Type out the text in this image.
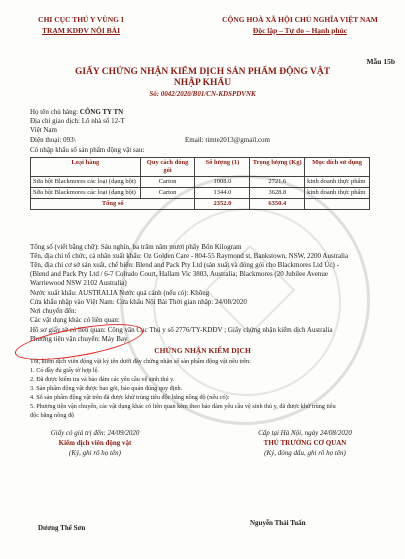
CHI CỤC THÚ Y VÙNG I
TRẠM KDĐV NỘI BÀI
CỘNG HOÀ XÃ HỘI CHỦ NGHĨA VIỆT NAM
Độc lập – Tự do – Hạnh phúc
Mẫu 15b
GIẤY CHỨNG NHẬN KIỂM DỊCH SẢN PHẨM ĐỘNG VẬT
NHẬP KHẨU
Số: 0042/2020/B01/CN-KDSPDVNK
Họ tên chủ hàng: CÔNG TY TN
Địa chỉ giao dịch: Lô nhà số 12-T
Việt Nam
Điện thoại: 093\	Email: timte2013@gmail.com
Có nhập khẩu số sản phẩm động vật sau:
Loại hàng	Quy cách đóng gói	Số lượng (1)	Trọng lượng (Kg)	Mục đích sử dụng
Sữa bột Blackmores các loại (dạng bột)	Carton	1008.0	2721.6	kinh doanh thực phẩm
Sữa bột Blackmores các loại (dạng bột)	Carton	1344.0	3628.8	kinh doanh thực phẩm
Tổng số		2352.0	6350.4	
Tổng số (viết bằng chữ): Sáu nghìn, ba trăm năm mươi phẩy Bốn Kilogram
Tên, địa chỉ tổ chức, cá nhân xuất khẩu: Oz Golden Care - 804-55 Raymond st, Bankstown, NSW, 2200 Australia
Tên, địa chỉ cơ sở sản xuất, chế biến: Blend and Pack Pty Ltd (sản xuất và đóng gói cho Blackmores Ltd Úc) -
(Blend and Pack Pty Ltd / 6-7 Colrado Court, Hallam Vic 3803, Australia; Blackmores (20 Jubilee Avenue
Warriewood NSW 2102 Australia)
Nước xuất khẩu: AUSTRALIA Nước quá cảnh (nếu có): Không
Cửa khẩu nhập vào Việt Nam: Cửa khẩu Nội Bài Thời gian nhập: 24/08/2020
Nơi chuyển đến:
Các vật dụng khác có liên quan:
Hồ sơ giấy tờ có liên quan: Công văn Cục Thú y số 2776/TY-KDĐV ; Giấy chứng nhận kiểm dịch Australia
Phương tiện vận chuyển: Máy Bay
CHỨNG NHẬN KIỂM DỊCH
Tôi, kiểm dịch viên động vật ký tên dưới đây chứng nhận số sản phẩm động vật nêu trên:
1. Có đầy đủ giấy tờ hợp lệ.
2. Đã được kiểm tra và bảo đảm các yêu cầu vệ sinh thú y.
3. Sản phẩm động vật được bao gói, bảo quản đúng quy định.
4. Số sản phẩm động vật trên đã được khử trùng tiêu độc bằng nồng độ (nếu có):
5. Phương tiện vận chuyển, các vật dụng khác có liên quan kèm theo bảo đảm yêu cầu vệ sinh thú y, đã được khử trùng tiêu
độc bằng nồng độ
Giấy có giá trị đến: 24/09/2020
Kiểm dịch viên động vật
(Ký, ghi rõ họ tên)
Cấp tại Hà Nội, ngày 24/08/2020
THỦ TRƯỞNG CƠ QUAN
(Ký, đóng dấu, ghi rõ họ tên)
Dương Thế Sơn
Nguyễn Thái Tuấn
